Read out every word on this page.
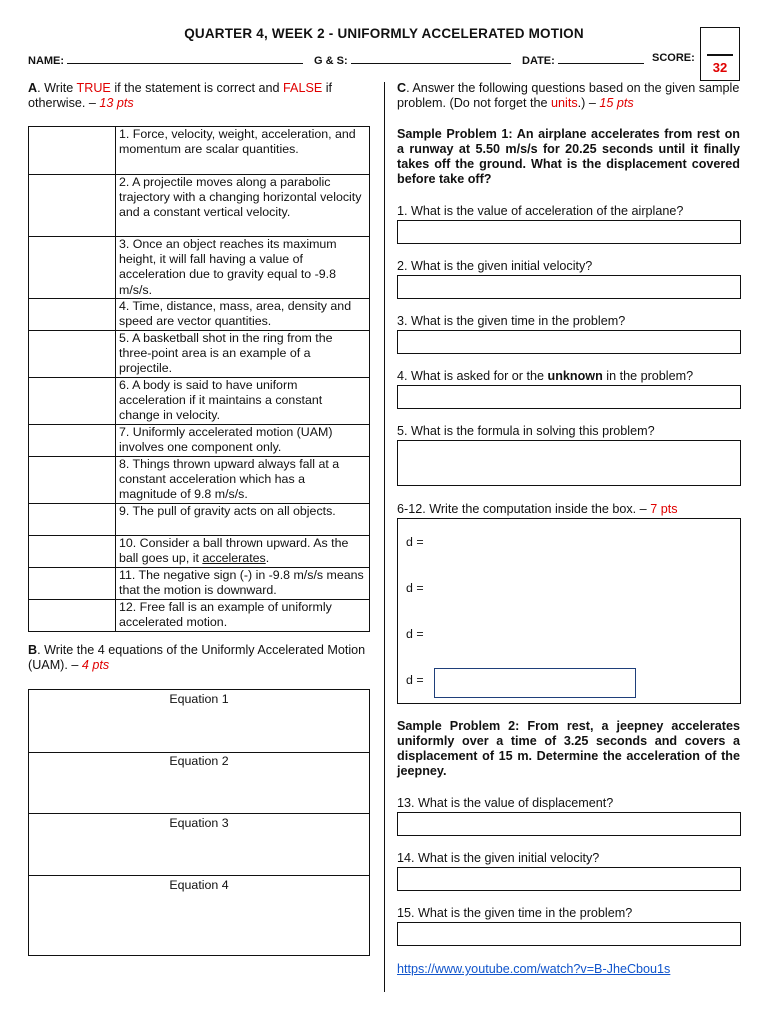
QUARTER 4, WEEK 2 - UNIFORMLY ACCELERATED MOTION
NAME:	G & S:	DATE:	SCORE:
32
A. Write TRUE if the statement is correct and FALSE if otherwise. – 13 pts
	1. Force, velocity, weight, acceleration, and momentum are scalar quantities.
	2. A projectile moves along a parabolic trajectory with a changing horizontal velocity and a constant vertical velocity.
	3. Once an object reaches its maximum height, it will fall having a value of acceleration due to gravity equal to -9.8 m/s/s.
	4. Time, distance, mass, area, density and speed are vector quantities.
	5. A basketball shot in the ring from the three-point area is an example of a projectile.
	6. A body is said to have uniform acceleration if it maintains a constant change in velocity.
	7. Uniformly accelerated motion (UAM) involves one component only.
	8. Things thrown upward always fall at a constant acceleration which has a magnitude of 9.8 m/s/s.
	9. The pull of gravity acts on all objects.
	10. Consider a ball thrown upward. As the ball goes up, it accelerates.
	11. The negative sign (-) in -9.8 m/s/s means that the motion is downward.
	12. Free fall is an example of uniformly accelerated motion.
B. Write the 4 equations of the Uniformly Accelerated Motion (UAM). – 4 pts
Equation 1
Equation 2
Equation 3
Equation 4
C. Answer the following questions based on the given sample problem. (Do not forget the units.) – 15 pts
Sample Problem 1: An airplane accelerates from rest on a runway at 5.50 m/s/s for 20.25 seconds until it finally takes off the ground. What is the displacement covered before take off?
1. What is the value of acceleration of the airplane?
2. What is the given initial velocity?
3. What is the given time in the problem?
4. What is asked for or the unknown in the problem?
5. What is the formula in solving this problem?
6-12. Write the computation inside the box. – 7 pts
d =
d =
d =
d =
Sample Problem 2: From rest, a jeepney accelerates uniformly over a time of 3.25 seconds and covers a displacement of 15 m. Determine the acceleration of the jeepney.
13. What is the value of displacement?
14. What is the given initial velocity?
15. What is the given time in the problem?
https://www.youtube.com/watch?v=B-JheCbou1s
